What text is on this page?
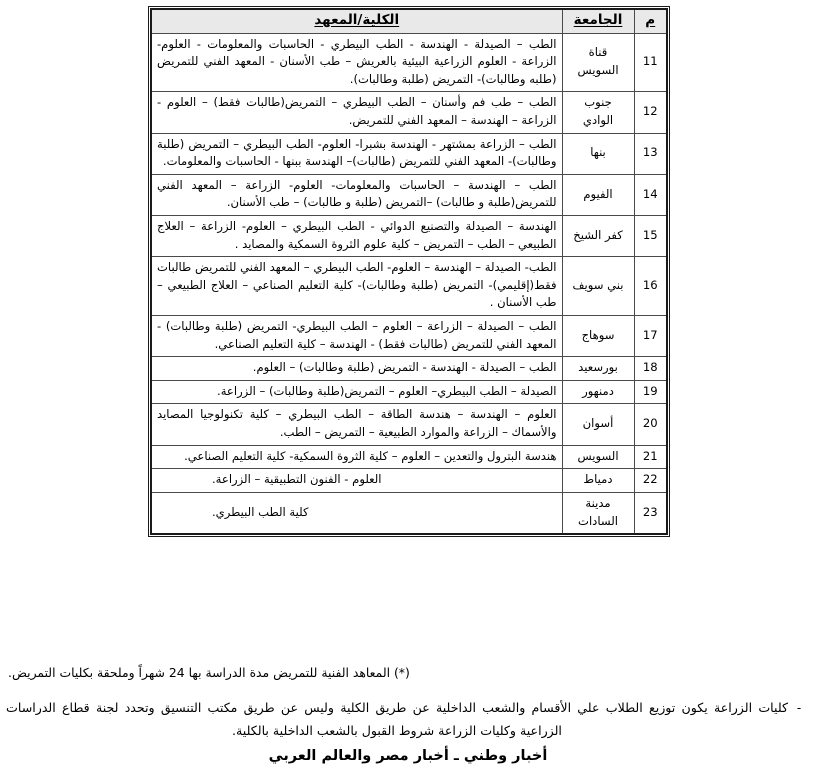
م	الجامعة	الكلية/المعهد
11	قناة السويس	الطب – الصيدلة - الهندسة - الطب البيطري - الحاسبات والمعلومات - العلوم- الزراعة - العلوم الزراعية البيئية بالعريش – طب الأسنان - المعهد الفني للتمريض (طلبه وطالبات)- التمريض (طلبة وطالبات).
12	جنوب الوادي	الطب – طب فم وأسنان – الطب البيطري – التمريض(طالبات فقط) – العلوم - الزراعة – الهندسة – المعهد الفني للتمريض.
13	بنها	الطب – الزراعة بمشتهر - الهندسة بشبرا- العلوم- الطب البيطري – التمريض (طلبة وطالبات)- المعهد الفني للتمريض (طالبات)– الهندسة ببنها - الحاسبات والمعلومات.
14	الفيوم	الطب – الهندسة – الحاسبات والمعلومات- العلوم- الزراعة – المعهد الفني للتمريض(طلبة و طالبات) –التمريض (طلبة و طالبات) – طب الأسنان.
15	كفر الشيخ	الهندسة – الصيدلة والتصنيع الدوائي - الطب البيطري – العلوم- الزراعة – العلاج الطبيعي – الطب – التمريض – كلية علوم الثروة السمكية والمصايد .
16	بني سويف	الطب- الصيدلة – الهندسة – العلوم- الطب البيطري – المعهد الفني للتمريض طالبات فقط(إقليمي)- التمريض (طلبة وطالبات)- كلية التعليم الصناعي – العلاج الطبيعي – طب الأسنان .
17	سوهاج	الطب – الصيدلة – الزراعة – العلوم – الطب البيطري- التمريض (طلبة وطالبات) - المعهد الفني للتمريض (طالبات فقط) - الهندسة – كلية التعليم الصناعي.
18	بورسعيد	الطب – الصيدلة - الهندسة - التمريض (طلبة وطالبات) – العلوم.
19	دمنهور	الصيدلة – الطب البيطري– العلوم – التمريض(طلبة وطالبات) – الزراعة.
20	أسوان	العلوم – الهندسة – هندسة الطاقة – الطب البيطري – كلية تكنولوجيا المصايد والأسماك – الزراعة والموارد الطبيعية – التمريض – الطب.
21	السويس	هندسة البترول والتعدين – العلوم – كلية الثروة السمكية- كلية التعليم الصناعي.
22	دمياط	العلوم - الفنون التطبيقية – الزراعة.
23	مدينة السادات	كلية الطب البيطري.
(*) المعاهد الفنية للتمريض مدة الدراسة بها 24 شهراً وملحقة بكليات التمريض.
-
كليات الزراعة يكون توزيع الطلاب علي الأقسام والشعب الداخلية عن طريق الكلية وليس عن طريق مكتب التنسيق وتحدد لجنة قطاع الدراسات الزراعية وكليات الزراعة شروط القبول بالشعب الداخلية بالكلية.
أخبار وطني ـ أخبار مصر والعالم العربي
